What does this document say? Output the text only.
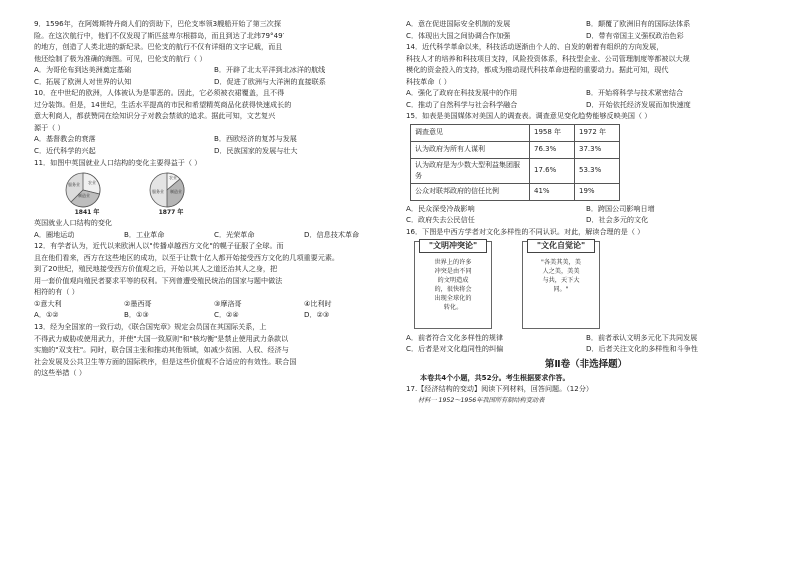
9．1596年，在阿姆斯特丹商人们的资助下，巴伦支率领3艘船开始了第三次探
险。在这次航行中，他们不仅发现了斯匹兹卑尔根群岛，而且到达了北纬79°49′
的地方，创造了人类北进的新纪录。巴伦支的航行不仅有详细的文字记载，而且
他还绘制了极为准确的海图。可见，巴伦支的航行（ ）
A．为哥伦布到达美洲奠定基础	B．开辟了北太平洋到北冰洋的航线
C．拓展了欧洲人对世界的认知	D．促进了欧洲与大洋洲的直接联系
10．在中世纪的欧洲，人体被认为是罪恶的。因此，它必须被衣裙覆盖，且不得
过分装饰。但是，14世纪，生活水平提高的市民和希望精英商品化获得快速成长的
意大利商人，都获赞同在绘知识分子对教会禁欲的追求。据此可知，文艺复兴
源于（ ）
A．基督教会的衰落	B．西欧经济的复苏与发展
C．近代科学的兴起	D．民族国家的发展与壮大
11．如图中英国就业人口结构的变化主要得益于（ ）
农业
制造业
服务业
1841 年
农业
制造业
服务业
1877 年
英国就业人口结构的变化
A．圈地运动	B．工业革命	C．光荣革命	D．信息技术革命
12．有学者认为，近代以来欧洲人以"传播卓越西方文化"的幌子征服了全球。而
且在他们看来，西方在这些地区的成功，以至于让数十亿人都开始接受西方文化的几项重要元素。
到了20世纪，殖民地接受西方价值观之后，开始以其人之道还治其人之身，把
用一套价值观向殖民者要求平等的权利。下列曾遭受殖民统治的国家与题中做法
相符的有（ ）
①意大利	②墨西哥	③摩洛哥	④比利时
A．①②	B．①③	C．②④	D．②③
13．经为全国家的一致行动，《联合国宪章》规定会员国在其国际关系，上
不得武力威胁或使用武力，并使"大国一致原则"和"核均衡"是禁止使用武力条款以
实施的"双支柱"。同时，联合国主张和推动其他领域，如减少贫困、人权、经济与
社会发展及公共卫生等方面的国际秩序，但是这些价值观不合适应的有效性。联合国
的这些举措（ ）
A．意在促进国际安全机制的发展	B．颠覆了欧洲旧有的国际法体系
C．体现出大国之间协调合作加强	D．带有帝国主义强权政治色彩
14．近代科学革命以来，科技活动逐渐由个人的、自发的朝着有组织的方向发展，
科技人才的培养和科技项目支持，风险投资体系，科技型企业、公司管理制度等都被以大规
模化的资金投入的支持，都成为推动现代科技革命进程的重要动力。据此可知，现代
科技革命（ ）
A．强化了政府在科技发展中的作用	B．开始将科学与技术紧密结合
C．推动了自然科学与社会科学融合	D．开始依托经济发展而加快速度
15．如表是美国媒体对美国人的调查表。调查意见变化趋势能够反映美国（ ）
调查意见	1958 年	1972 年
认为政府为所有人谋利	76.3%	37.3%
认为政府是为少数大型利益集团服务	17.6%	53.3%
公众对联邦政府的信任比例	41%	19%
A．民众深受冷战影响	B．跨国公司影响日增
C．政府失去公民信任	D．社会多元的文化
16．下图是中西方学者对文化多样性的不同认识。对此，解读合理的是（ ）
"文明冲突论"
世界上的许多冲突是由不同的文明造成的，很快将会出现全球化的转化。
"文化自觉论"
"各美其美，美人之美，美美与共，天下大同。"
A．前者符合文化多样性的规律	B．前者承认文明多元化下共同发展
C．后者是对文化趋同性的纠偏	D．后者关注文化的多样性和斗争性
第Ⅱ卷（非选择题）
本卷共4个小题，共52分。考生根据要求作答。
17.【经济结构的变动】阅读下列材料，回答问题。（12分）
材料一 1952～1956年我国所有制结构变动表
